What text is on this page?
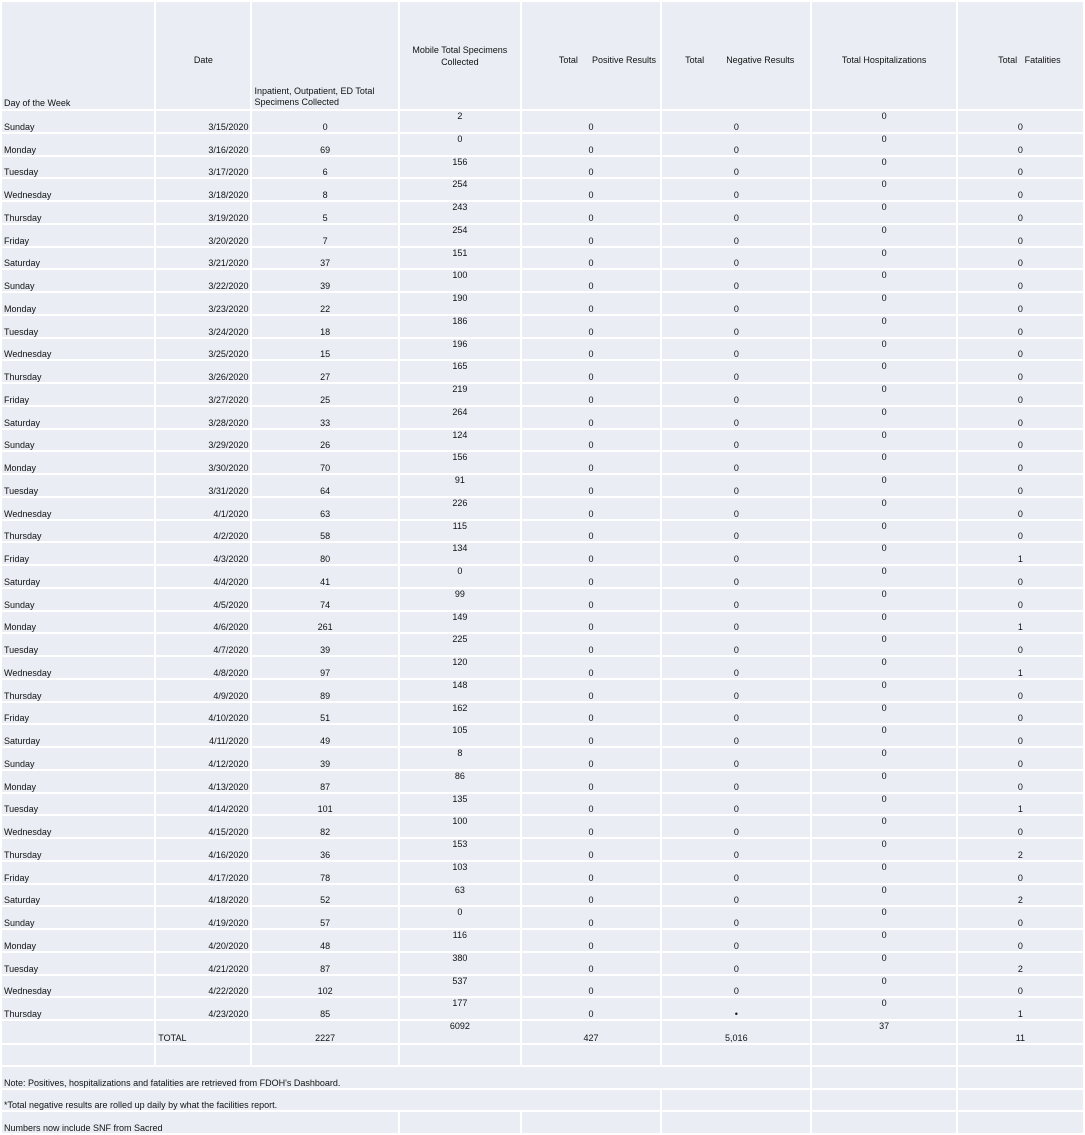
Day of the Week	Date	Inpatient, Outpatient, ED Total Specimens Collected	Mobile Total Specimens Collected	Total Positive Results	Total Negative Results	Total Hospitalizations	Total   Fatalities
Sunday	3/15/2020	0	2	0	0	0	0
Monday	3/16/2020	69	0	0	0	0	0
Tuesday	3/17/2020	6	156	0	0	0	0
Wednesday	3/18/2020	8	254	0	0	0	0
Thursday	3/19/2020	5	243	0	0	0	0
Friday	3/20/2020	7	254	0	0	0	0
Saturday	3/21/2020	37	151	0	0	0	0
Sunday	3/22/2020	39	100	0	0	0	0
Monday	3/23/2020	22	190	0	0	0	0
Tuesday	3/24/2020	18	186	0	0	0	0
Wednesday	3/25/2020	15	196	0	0	0	0
Thursday	3/26/2020	27	165	0	0	0	0
Friday	3/27/2020	25	219	0	0	0	0
Saturday	3/28/2020	33	264	0	0	0	0
Sunday	3/29/2020	26	124	0	0	0	0
Monday	3/30/2020	70	156	0	0	0	0
Tuesday	3/31/2020	64	91	0	0	0	0
Wednesday	4/1/2020	63	226	0	0	0	0
Thursday	4/2/2020	58	115	0	0	0	0
Friday	4/3/2020	80	134	0	0	0	1
Saturday	4/4/2020	41	0	0	0	0	0
Sunday	4/5/2020	74	99	0	0	0	0
Monday	4/6/2020	261	149	0	0	0	1
Tuesday	4/7/2020	39	225	0	0	0	0
Wednesday	4/8/2020	97	120	0	0	0	1
Thursday	4/9/2020	89	148	0	0	0	0
Friday	4/10/2020	51	162	0	0	0	0
Saturday	4/11/2020	49	105	0	0	0	0
Sunday	4/12/2020	39	8	0	0	0	0
Monday	4/13/2020	87	86	0	0	0	0
Tuesday	4/14/2020	101	135	0	0	0	1
Wednesday	4/15/2020	82	100	0	0	0	0
Thursday	4/16/2020	36	153	0	0	0	2
Friday	4/17/2020	78	103	0	0	0	0
Saturday	4/18/2020	52	63	0	0	0	2
Sunday	4/19/2020	57	0	0	0	0	0
Monday	4/20/2020	48	116	0	0	0	0
Tuesday	4/21/2020	87	380	0	0	0	2
Wednesday	4/22/2020	102	537	0	0	0	0
Thursday	4/23/2020	85	177	0	•	0	1
	TOTAL	2227	6092	427	5,016	37	11

Note: Positives, hospitalizations and fatalities are retrieved from FDOH's Dashboard.							
*Total negative results are rolled up daily by what the facilities report.							
Numbers now include SNF from Sacred							
